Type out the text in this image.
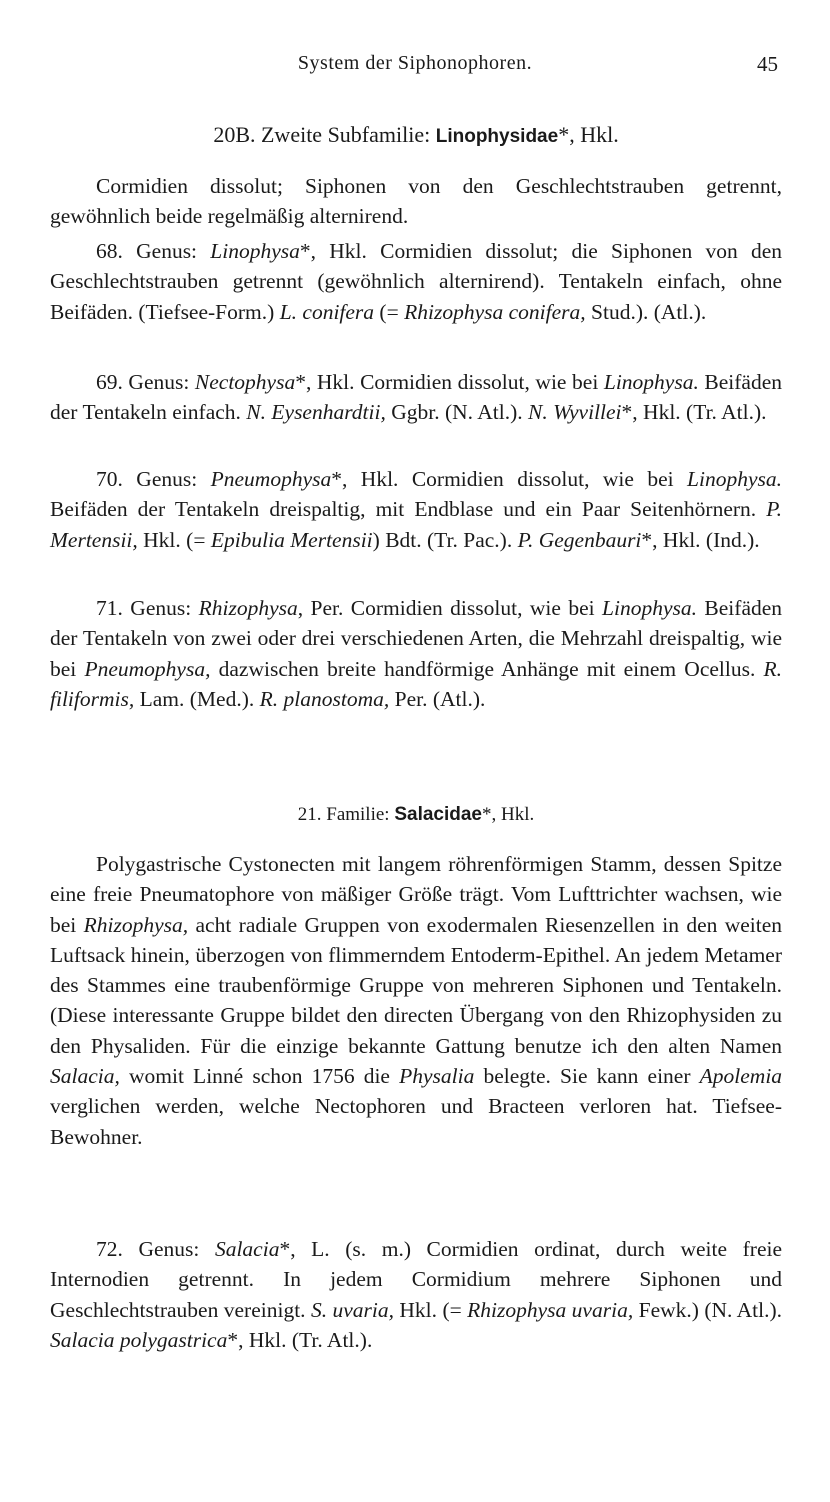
System der Siphonophoren.	45
20B. Zweite Subfamilie: Linophysidae*, Hkl.

Cormidien dissolut; Siphonen von den Geschlechtstrauben getrennt, gewöhnlich beide regelmäßig alternirend.

68. Genus: Linophysa*, Hkl. Cormidien dissolut; die Siphonen von den Geschlechtstrauben getrennt (gewöhnlich alternirend). Tentakeln einfach, ohne Beifäden. (Tiefsee-Form.) L. conifera (= Rhizophysa conifera, Stud.). (Atl.).

69. Genus: Nectophysa*, Hkl. Cormidien dissolut, wie bei Linophysa. Beifäden der Tentakeln einfach. N. Eysenhardtii, Ggbr. (N. Atl.). N. Wyvillei*, Hkl. (Tr. Atl.).

70. Genus: Pneumophysa*, Hkl. Cormidien dissolut, wie bei Linophysa. Beifäden der Tentakeln dreispaltig, mit Endblase und ein Paar Seitenhörnern. P. Mertensii, Hkl. (= Epibulia Mertensii) Bdt. (Tr. Pac.). P. Gegenbauri*, Hkl. (Ind.).

71. Genus: Rhizophysa, Per. Cormidien dissolut, wie bei Linophysa. Beifäden der Tentakeln von zwei oder drei verschiedenen Arten, die Mehrzahl dreispaltig, wie bei Pneumophysa, dazwischen breite handförmige Anhänge mit einem Ocellus. R. filiformis, Lam. (Med.). R. planostoma, Per. (Atl.).

21. Familie: Salacidae*, Hkl.

Polygastrische Cystonecten mit langem röhrenförmigen Stamm, dessen Spitze eine freie Pneumatophore von mäßiger Größe trägt. Vom Lufttrichter wachsen, wie bei Rhizophysa, acht radiale Gruppen von exodermalen Riesenzellen in den weiten Luftsack hinein, überzogen von flimmerndem Entoderm-Epithel. An jedem Metamer des Stammes eine traubenförmige Gruppe von mehreren Siphonen und Tentakeln. (Diese interessante Gruppe bildet den directen Übergang von den Rhizophysiden zu den Physaliden. Für die einzige bekannte Gattung benutze ich den alten Namen Salacia, womit Linné schon 1756 die Physalia belegte. Sie kann einer Apolemia verglichen werden, welche Nectophoren und Bracteen verloren hat. Tiefsee-Bewohner.

72. Genus: Salacia*, L. (s. m.) Cormidien ordinat, durch weite freie Internodien getrennt. In jedem Cormidium mehrere Siphonen und Geschlechtstrauben vereinigt. S. uvaria, Hkl. (= Rhizophysa uvaria, Fewk.) (N. Atl.). Salacia polygastrica*, Hkl. (Tr. Atl.).
